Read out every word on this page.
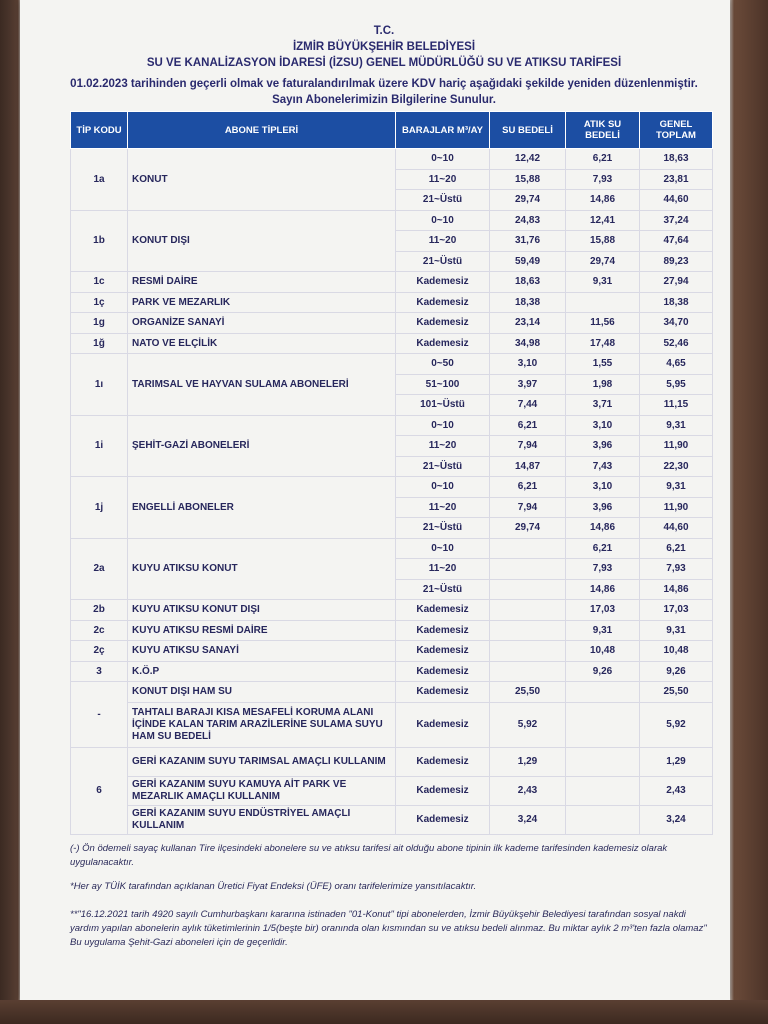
T.C.
İZMİR BÜYÜKŞEHİR BELEDİYESİ
SU VE KANALİZASYON İDARESİ (İZSU) GENEL MÜDÜRLÜĞÜ SU VE ATIKSU TARİFESİ
01.02.2023 tarihinden geçerli olmak ve faturalandırılmak üzere KDV hariç aşağıdaki şekilde yeniden düzenlenmiştir.
Sayın Abonelerimizin Bilgilerine Sunulur.
TİP KODU	ABONE TİPLERİ	BARAJLAR M³/AY	SU BEDELİ	ATIK SU BEDELİ	GENEL TOPLAM
1a	KONUT	0~10	12,42	6,21	18,63
		11~20	15,88	7,93	23,81
		21~Üstü	29,74	14,86	44,60
1b	KONUT DIŞI	0~10	24,83	12,41	37,24
		11~20	31,76	15,88	47,64
		21~Üstü	59,49	29,74	89,23
1c	RESMİ DAİRE	Kademesiz	18,63	9,31	27,94
1ç	PARK VE MEZARLIK	Kademesiz	18,38		18,38
1g	ORGANİZE SANAYİ	Kademesiz	23,14	11,56	34,70
1ğ	NATO VE ELÇİLİK	Kademesiz	34,98	17,48	52,46
1ı	TARIMSAL VE HAYVAN SULAMA ABONELERİ	0~50	3,10	1,55	4,65
		51~100	3,97	1,98	5,95
		101~Üstü	7,44	3,71	11,15
1i	ŞEHİT-GAZİ ABONELERİ	0~10	6,21	3,10	9,31
		11~20	7,94	3,96	11,90
		21~Üstü	14,87	7,43	22,30
1j	ENGELLİ ABONELER	0~10	6,21	3,10	9,31
		11~20	7,94	3,96	11,90
		21~Üstü	29,74	14,86	44,60
2a	KUYU ATIKSU KONUT	0~10		6,21	6,21
		11~20		7,93	7,93
		21~Üstü		14,86	14,86
2b	KUYU ATIKSU KONUT DIŞI	Kademesiz		17,03	17,03
2c	KUYU ATIKSU RESMİ DAİRE	Kademesiz		9,31	9,31
2ç	KUYU ATIKSU SANAYİ	Kademesiz		10,48	10,48
3	K.Ö.P	Kademesiz		9,26	9,26
-	KONUT DIŞI HAM SU	Kademesiz	25,50		25,50
	TAHTALI BARAJI KISA MESAFELİ KORUMA ALANI İÇİNDE KALAN TARIM ARAZİLERİNE SULAMA SUYU HAM SU BEDELİ	Kademesiz	5,92		5,92
6	GERİ KAZANIM SUYU TARIMSAL AMAÇLI KULLANIM	Kademesiz	1,29		1,29
	GERİ KAZANIM SUYU KAMUYA AİT PARK VE MEZARLIK AMAÇLI KULLANIM	Kademesiz	2,43		2,43
	GERİ KAZANIM SUYU ENDÜSTRİYEL AMAÇLI KULLANIM	Kademesiz	3,24		3,24
(-) Ön ödemeli sayaç kullanan Tire ilçesindeki abonelere su ve atıksu tarifesi ait olduğu abone tipinin ilk kademe tarifesinden kademesiz olarak uygulanacaktır.
*Her ay TÜİK tarafından açıklanan Üretici Fiyat Endeksi (ÜFE) oranı tarifelerimize yansıtılacaktır.
**"16.12.2021 tarih 4920 sayılı Cumhurbaşkanı kararına istinaden "01-Konut" tipi abonelerden, İzmir Büyükşehir Belediyesi tarafından sosyal nakdi yardım yapılan abonelerin aylık tüketimlerinin 1/5(beşte bir) oranında olan kısmından su ve atıksu bedeli alınmaz. Bu miktar aylık 2 m³'ten fazla olamaz" Bu uygulama Şehit-Gazi aboneleri için de geçerlidir.
